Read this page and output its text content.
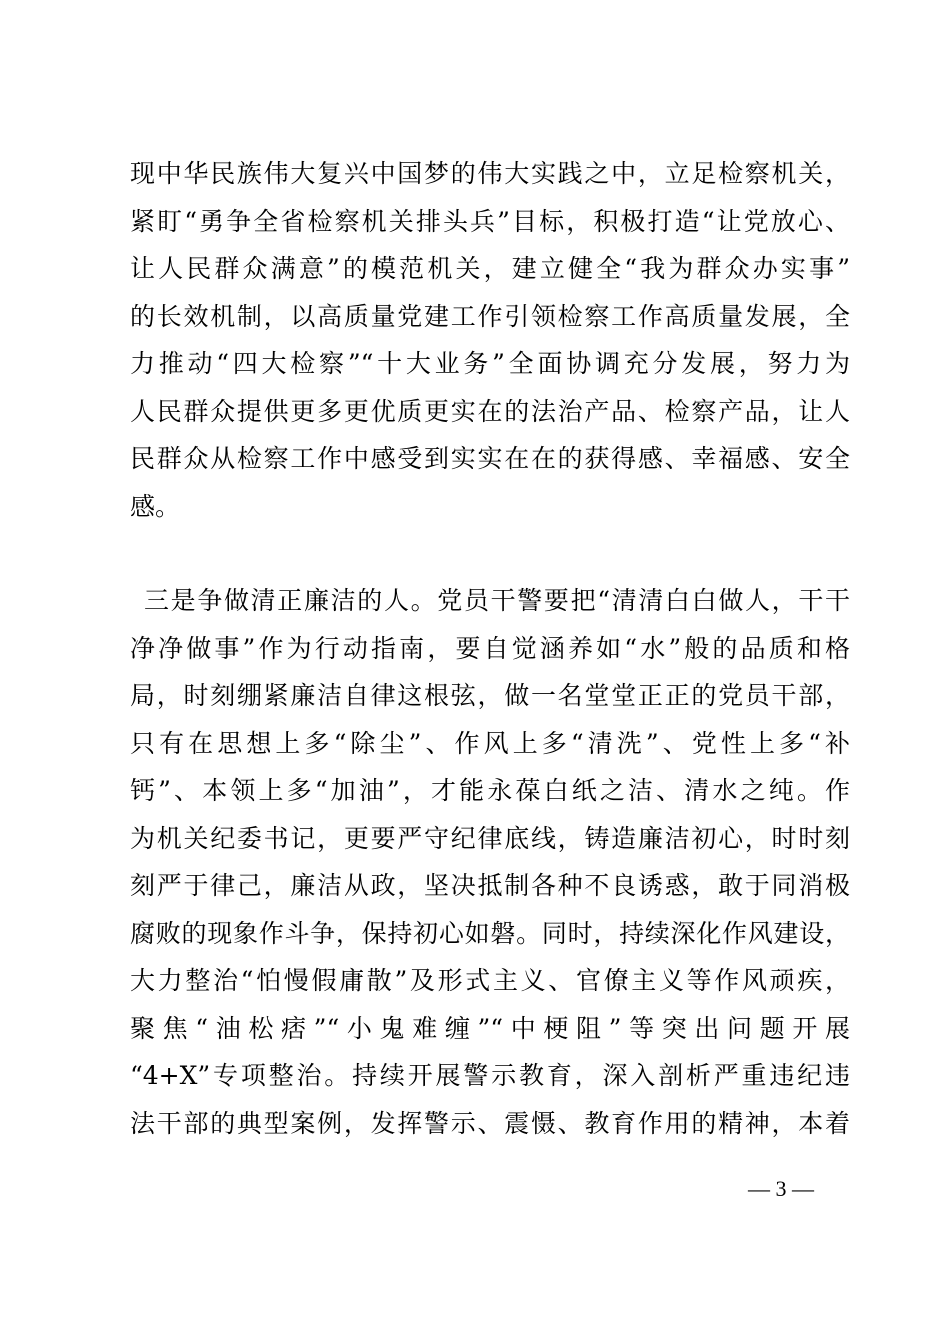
现中华民族伟大复兴中国梦的伟大实践之中，立足检察机关，
紧盯“勇争全省检察机关排头兵”目标，积极打造“让党放心、
让人民群众满意”的模范机关，建立健全“我为群众办实事”
的长效机制，以高质量党建工作引领检察工作高质量发展，全
力推动“四大检察”“十大业务”全面协调充分发展，努力为
人民群众提供更多更优质更实在的法治产品、检察产品，让人
民群众从检察工作中感受到实实在在的获得感、幸福感、安全
感。
三是争做清正廉洁的人。党员干警要把“清清白白做人，干干
净净做事”作为行动指南，要自觉涵养如“水”般的品质和格
局，时刻绷紧廉洁自律这根弦，做一名堂堂正正的党员干部，
只有在思想上多“除尘”、作风上多“清洗”、党性上多“补
钙”、本领上多“加油”，才能永葆白纸之洁、清水之纯。作
为机关纪委书记，更要严守纪律底线，铸造廉洁初心，时时刻
刻严于律己，廉洁从政，坚决抵制各种不良诱惑，敢于同消极
腐败的现象作斗争，保持初心如磐。同时，持续深化作风建设，
大力整治“怕慢假庸散”及形式主义、官僚主义等作风顽疾，
聚焦“油松痞”“小鬼难缠”“中梗阻”等突出问题开展
“4+X”专项整治。持续开展警示教育，深入剖析严重违纪违
法干部的典型案例，发挥警示、震慑、教育作用的精神，本着
— 3 —
